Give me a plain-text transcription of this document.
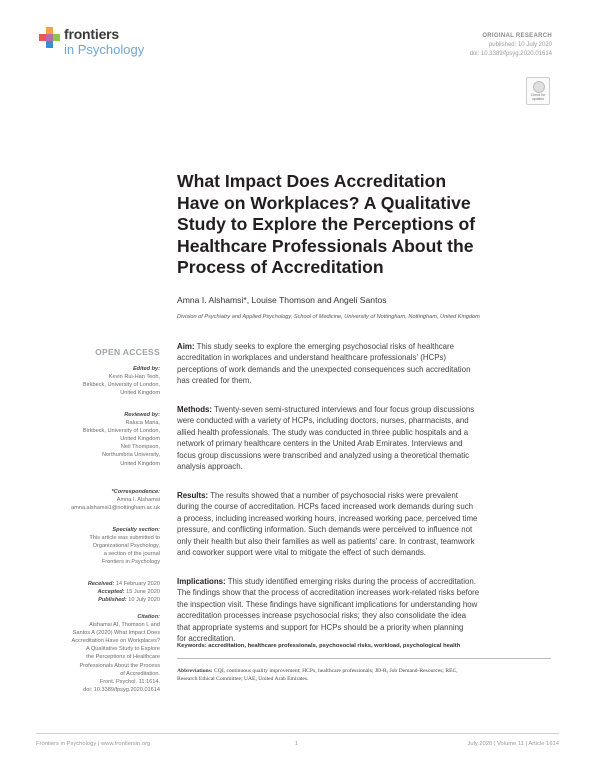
frontiers
in Psychology
ORIGINAL RESEARCH
published: 10 July 2020
doi: 10.3389/fpsyg.2020.01614
Check for
updates
What Impact Does Accreditation
Have on Workplaces? A Qualitative
Study to Explore the Perceptions of
Healthcare Professionals About the
Process of Accreditation
Amna I. Alshamsi*, Louise Thomson and Angeli Santos
Division of Psychiatry and Applied Psychology, School of Medicine, University of Nottingham, Nottingham, United Kingdom
OPEN ACCESS
Edited by:
Kevin Rui-Han Teoh,
Birkbeck, University of London,
United Kingdom
Reviewed by:
Raluca Maria,
Birkbeck, University of London,
United Kingdom
Neil Thompson,
Northumbria University,
United Kingdom
*Correspondence:
Amna I. Alshamsi
amna.alshamsi1@nottingham.ac.uk
Specialty section:
This article was submitted to
Organizational Psychology,
a section of the journal
Frontiers in Psychology
Received: 14 February 2020
Accepted: 15 June 2020
Published: 10 July 2020
Citation:
Alshamsi AI, Thomson L and
Santos A (2020) What Impact Does
Accreditation Have on Workplaces?
A Qualitative Study to Explore
the Perceptions of Healthcare
Professionals About the Process
of Accreditation.
Front. Psychol. 11:1614.
doi: 10.3389/fpsyg.2020.01614
Aim: This study seeks to explore the emerging psychosocial risks of healthcare
accreditation in workplaces and understand healthcare professionals' (HCPs)
perceptions of work demands and the unexpected consequences such accreditation
has created for them.
Methods: Twenty-seven semi-structured interviews and four focus group discussions
were conducted with a variety of HCPs, including doctors, nurses, pharmacists, and
allied health professionals. The study was conducted in three public hospitals and a
network of primary healthcare centers in the United Arab Emirates. Interviews and
focus group discussions were transcribed and analyzed using a theoretical thematic
analysis approach.
Results: The results showed that a number of psychosocial risks were prevalent
during the course of accreditation. HCPs faced increased work demands during such
a process, including increased working hours, increased working pace, perceived time
pressure, and conflicting information. Such demands were perceived to influence not
only their health but also their families as well as patients' care. In contrast, teamwork
and coworker support were vital to mitigate the effect of such demands.
Implications: This study identified emerging risks during the process of accreditation.
The findings show that the process of accreditation increases work-related risks before
the inspection visit. These findings have significant implications for understanding how
accreditation processes increase psychosocial risks; they also consolidate the idea
that appropriate systems and support for HCPs should be a priority when planning
for accreditation.
Keywords: accreditation, healthcare professionals, psychosocial risks, workload, psychological health
Abbreviations: CQI, continuous quality improvement; HCPs, healthcare professionals; JD-R, Job Demand-Resources; REC,
Research Ethical Committee; UAE, United Arab Emirates.
Frontiers in Psychology | www.frontiersin.org	1	July 2020 | Volume 11 | Article 1614
